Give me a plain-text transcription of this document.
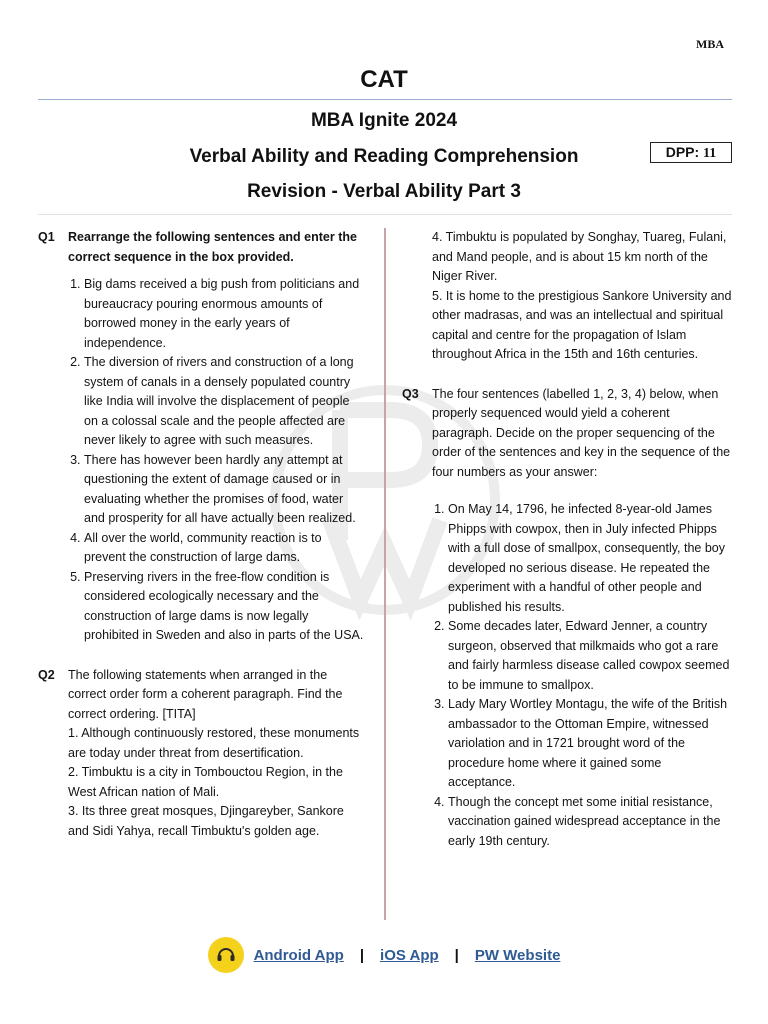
MBA
CAT
MBA Ignite 2024
Verbal Ability and Reading Comprehension
Revision - Verbal Ability Part 3
DPP: 11
Q1 Rearrange the following sentences and enter the correct sequence in the box provided.
1. Big dams received a big push from politicians and bureaucracy pouring enormous amounts of borrowed money in the early years of independence.
2. The diversion of rivers and construction of a long system of canals in a densely populated country like India will involve the displacement of people on a colossal scale and the people affected are never likely to agree with such measures.
3. There has however been hardly any attempt at questioning the extent of damage caused or in evaluating whether the promises of food, water and prosperity for all have actually been realized.
4. All over the world, community reaction is to prevent the construction of large dams.
5. Preserving rivers in the free-flow condition is considered ecologically necessary and the construction of large dams is now legally prohibited in Sweden and also in parts of the USA.
Q2 The following statements when arranged in the correct order form a coherent paragraph. Find the correct ordering. [TITA]

1. Although continuously restored, these monuments are today under threat from desertification.

2. Timbuktu is a city in Tombouctou Region, in the West African nation of Mali.

3. Its three great mosques, Djingareyber, Sankore and Sidi Yahya, recall Timbuktu's golden age.

4. Timbuktu is populated by Songhay, Tuareg, Fulani, and Mand people, and is about 15 km north of the Niger River.

5. It is home to the prestigious Sankore University and other madrasas, and was an intellectual and spiritual capital and centre for the propagation of Islam throughout Africa in the 15th and 16th centuries.

Q3 The four sentences (labelled 1, 2, 3, 4) below, when properly sequenced would yield a coherent paragraph. Decide on the proper sequencing of the order of the sentences and key in the sequence of the four numbers as your answer:
1. On May 14, 1796, he infected 8-year-old James Phipps with cowpox, then in July infected Phipps with a full dose of smallpox, consequently, the boy developed no serious disease. He repeated the experiment with a handful of other people and published his results.
2. Some decades later, Edward Jenner, a country surgeon, observed that milkmaids who got a rare and fairly harmless disease called cowpox seemed to be immune to smallpox.
3. Lady Mary Wortley Montagu, the wife of the British ambassador to the Ottoman Empire, witnessed variolation and in 1721 brought word of the procedure home where it gained some acceptance.
4. Though the concept met some initial resistance, vaccination gained widespread acceptance in the early 19th century.
Android App | iOS App | PW Website
